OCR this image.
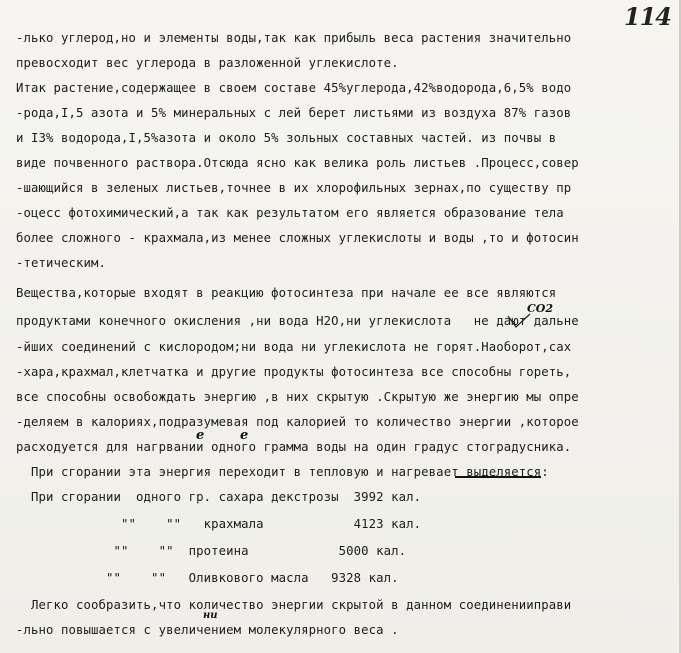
114
-лько углерод,но и элементы воды,так как прибыль веса растения значительно
превосходит вес углерода в разложенной углекислоте.
Итак растение,содержащее в своем составе 45%углерода,42%водорода,6,5% водо
-рода,I,5 азота и 5% минеральных с лей берет листьями из воздуха 87% газов
и I3% водорода,I,5%азота и около 5% зольных составных частей. из почвы в
виде почвенного раствора.Отсюда ясно как велика роль листьев .Процесс,совер
-шающийся в зеленых листьев,точнее в их хлорофильных зернах,по существу пр
-оцесс фотохимический,а так как результатом его является образование тела
более сложного - крахмала,из менее сложных углекислоты и воды ,то и фотосин
-тетическим.
Вещества,которые входят в реакцию фотосинтеза при начале ее все являются
продуктами конечного окисления ,ни вода H2O,ни углекислота   не дают дальне
-йших соединений с кислородом;ни вода ни углекислота не горят.Наоборот,сах
-хара,крахмал,клетчатка и другие продукты фотосинтеза все способны гореть,
все способны освобождать энергию ,в них скрытую .Скрытую же энергию мы опре
-деляем в калориях,подразумевая под калорией то количество энергии ,которое
расходуется для нагрвании одного грамма воды на один градус стоградусника.
При сгорании эта энергия переходит в тепловую и нагревает выделяется:
При сгорании  одного гр. сахара декстрозы  3992 кал.
""    ""   крахмала            4123 кал.
""    ""  протеина            5000 кал.
""    ""   Оливкового масла   9328 кал.
Легко сообразить,что количество энергии скрытой в данном соединенииправи
-льно повышается с увеличением молекулярного веса .
CO2
е	е
ни
